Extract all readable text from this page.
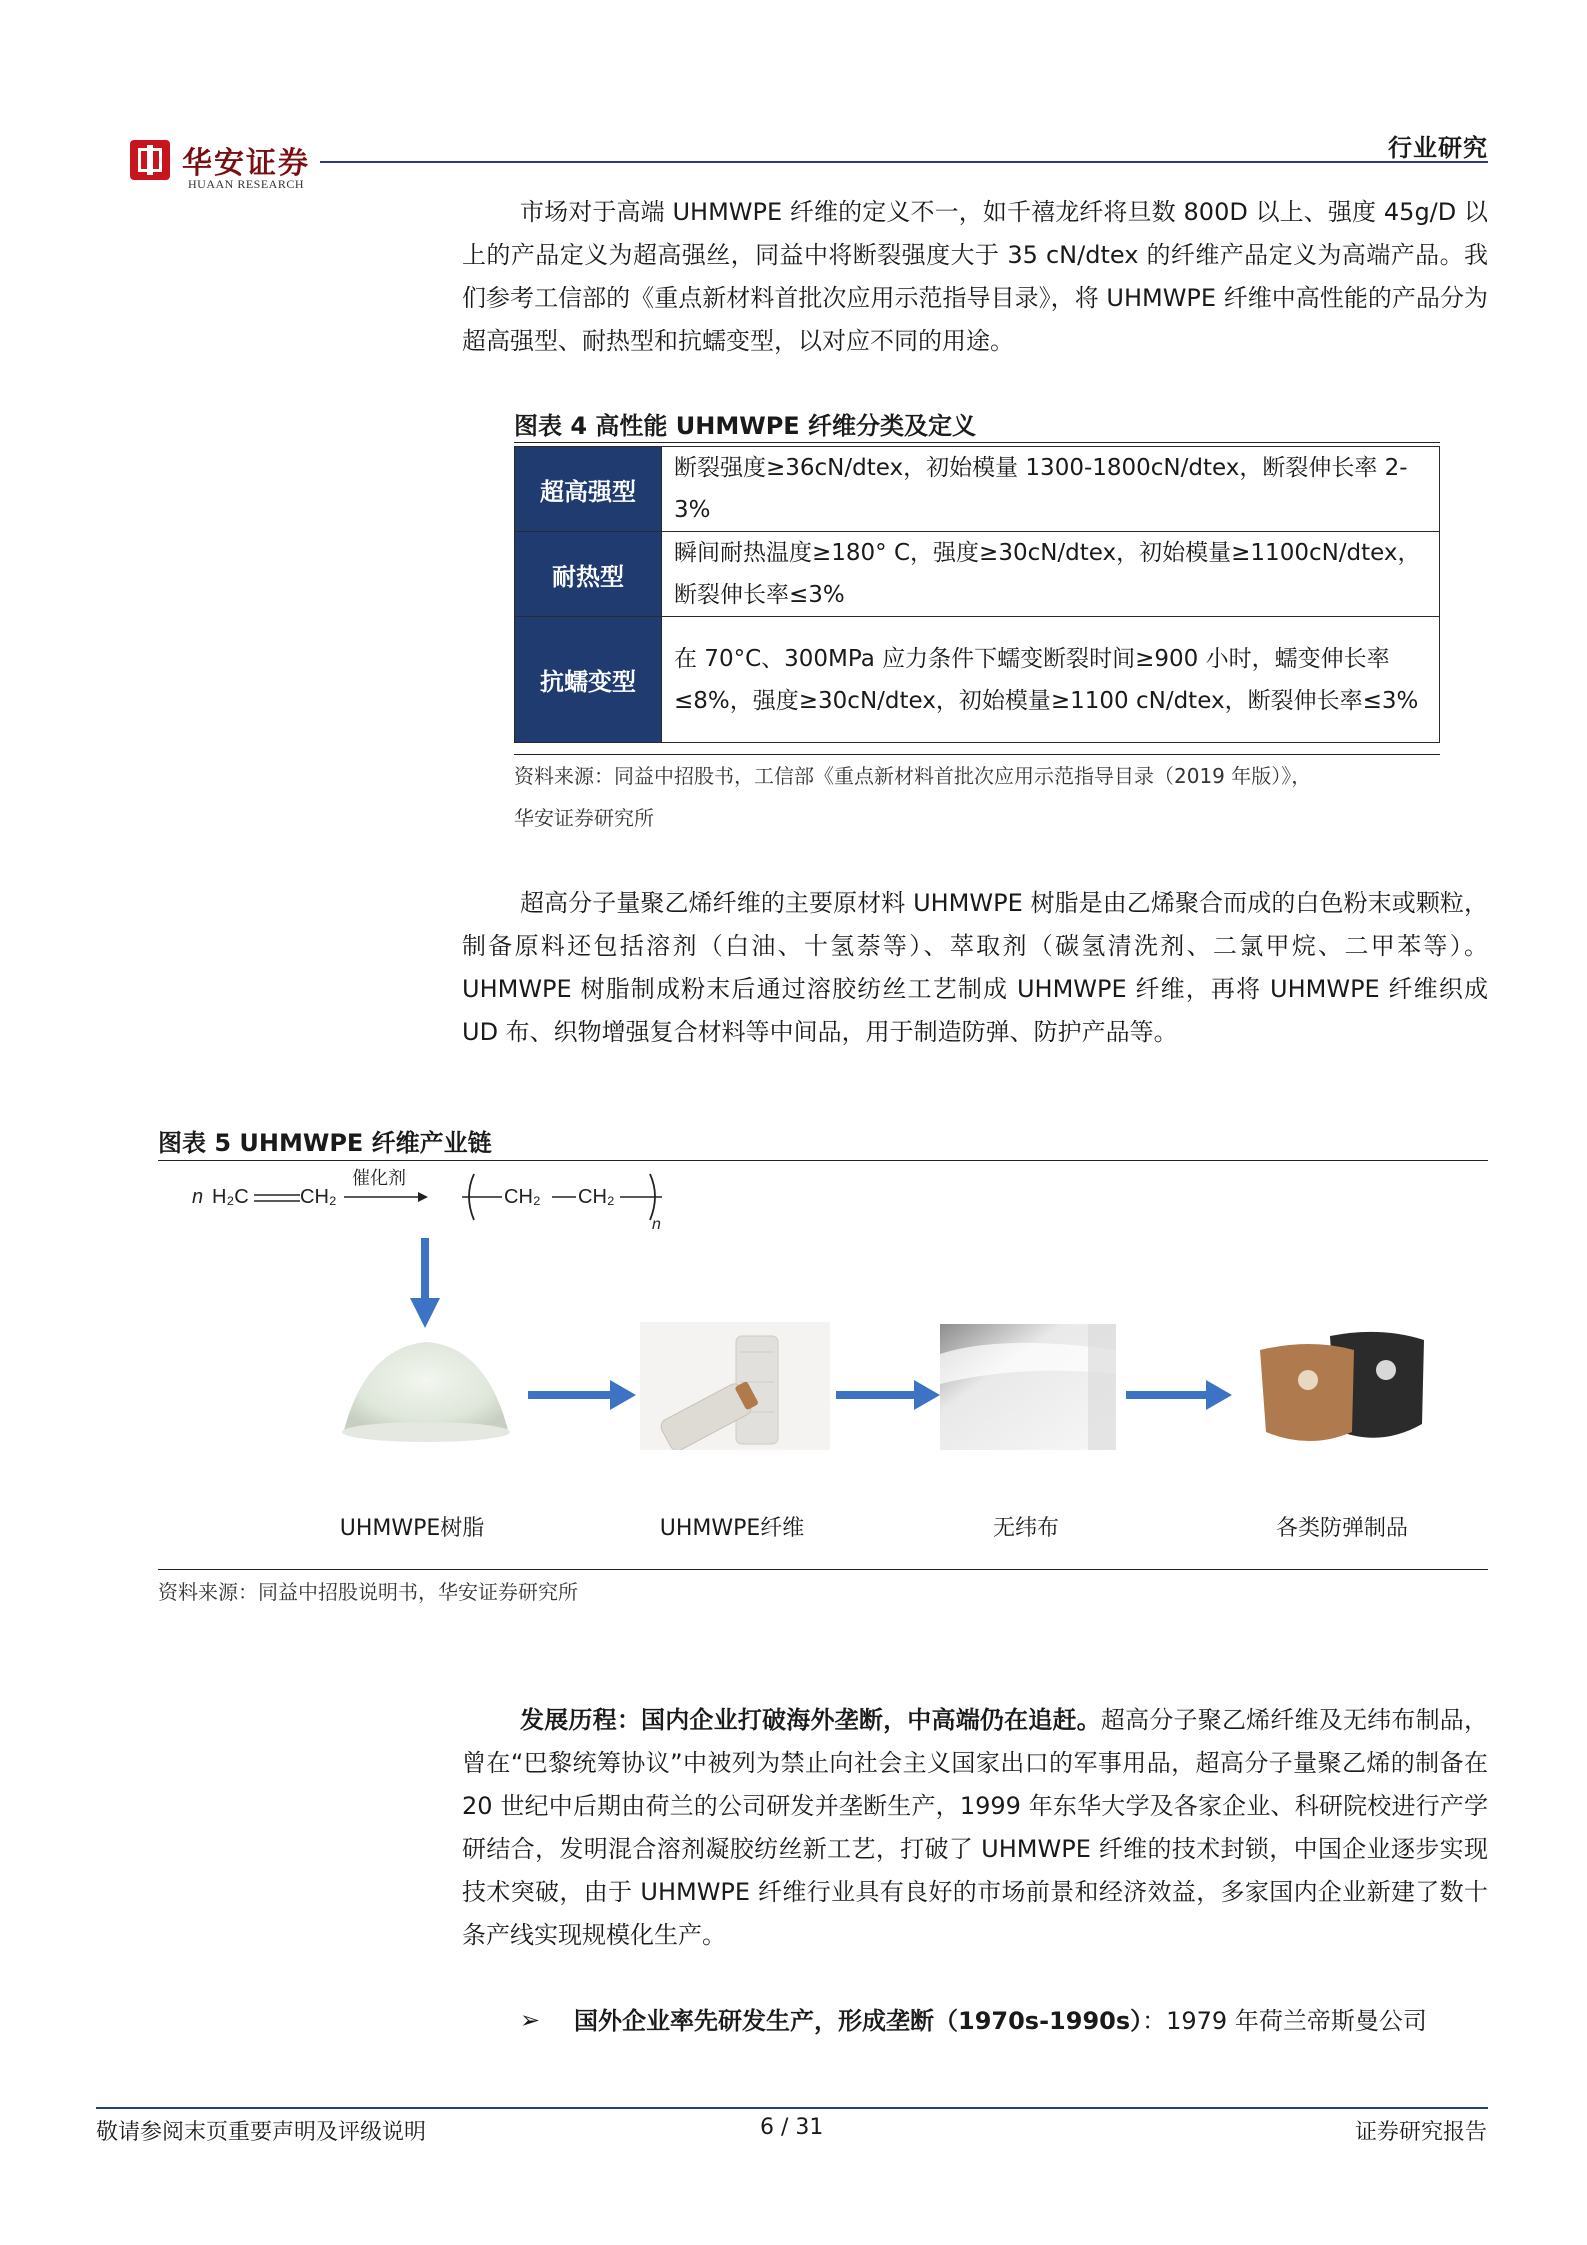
华安证券
HUAAN RESEARCH
行业研究

市场对于高端 UHMWPE 纤维的定义不一，如千禧龙纤将旦数 800D 以上、强度 45g/D 以上的产品定义为超高强丝，同益中将断裂强度大于 35 cN/dtex 的纤维产品定义为高端产品。我们参考工信部的《重点新材料首批次应用示范指导目录》，将 UHMWPE 纤维中高性能的产品分为超高强型、耐热型和抗蠕变型，以对应不同的用途。

图表 4 高性能 UHMWPE 纤维分类及定义
超高强型	断裂强度≥36cN/dtex，初始模量 1300-1800cN/dtex，断裂伸长率 2-3%
耐热型	瞬间耐热温度≥180° C，强度≥30cN/dtex，初始模量≥1100cN/dtex，断裂伸长率≤3%
抗蠕变型	在 70°C、300MPa 应力条件下蠕变断裂时间≥900 小时，蠕变伸长率≤8%，强度≥30cN/dtex，初始模量≥1100 cN/dtex，断裂伸长率≤3%
资料来源：同益中招股书，工信部《重点新材料首批次应用示范指导目录（2019 年版）》，
华安证券研究所

超高分子量聚乙烯纤维的主要原材料 UHMWPE 树脂是由乙烯聚合而成的白色粉末或颗粒，制备原料还包括溶剂（白油、十氢萘等）、萃取剂（碳氢清洗剂、二氯甲烷、二甲苯等）。UHMWPE 树脂制成粉末后通过溶胶纺丝工艺制成 UHMWPE 纤维，再将 UHMWPE 纤维织成 UD 布、织物增强复合材料等中间品，用于制造防弹、防护产品等。

图表 5 UHMWPE 纤维产业链
n H₂C	CH₂
催化剂
CH₂ CH₂
n
UHMWPE树脂	UHMWPE纤维	无纬布	各类防弹制品
资料来源：同益中招股说明书，华安证券研究所

发展历程：国内企业打破海外垄断，中高端仍在追赶。超高分子聚乙烯纤维及无纬布制品，曾在“巴黎统筹协议”中被列为禁止向社会主义国家出口的军事用品，超高分子量聚乙烯的制备在 20 世纪中后期由荷兰的公司研发并垄断生产，1999 年东华大学及各家企业、科研院校进行产学研结合，发明混合溶剂凝胶纺丝新工艺，打破了 UHMWPE 纤维的技术封锁，中国企业逐步实现技术突破，由于 UHMWPE 纤维行业具有良好的市场前景和经济效益，多家国内企业新建了数十条产线实现规模化生产。

➢ 国外企业率先研发生产，形成垄断（1970s-1990s）：1979 年荷兰帝斯曼公司
敬请参阅末页重要声明及评级说明	6 / 31	证券研究报告
